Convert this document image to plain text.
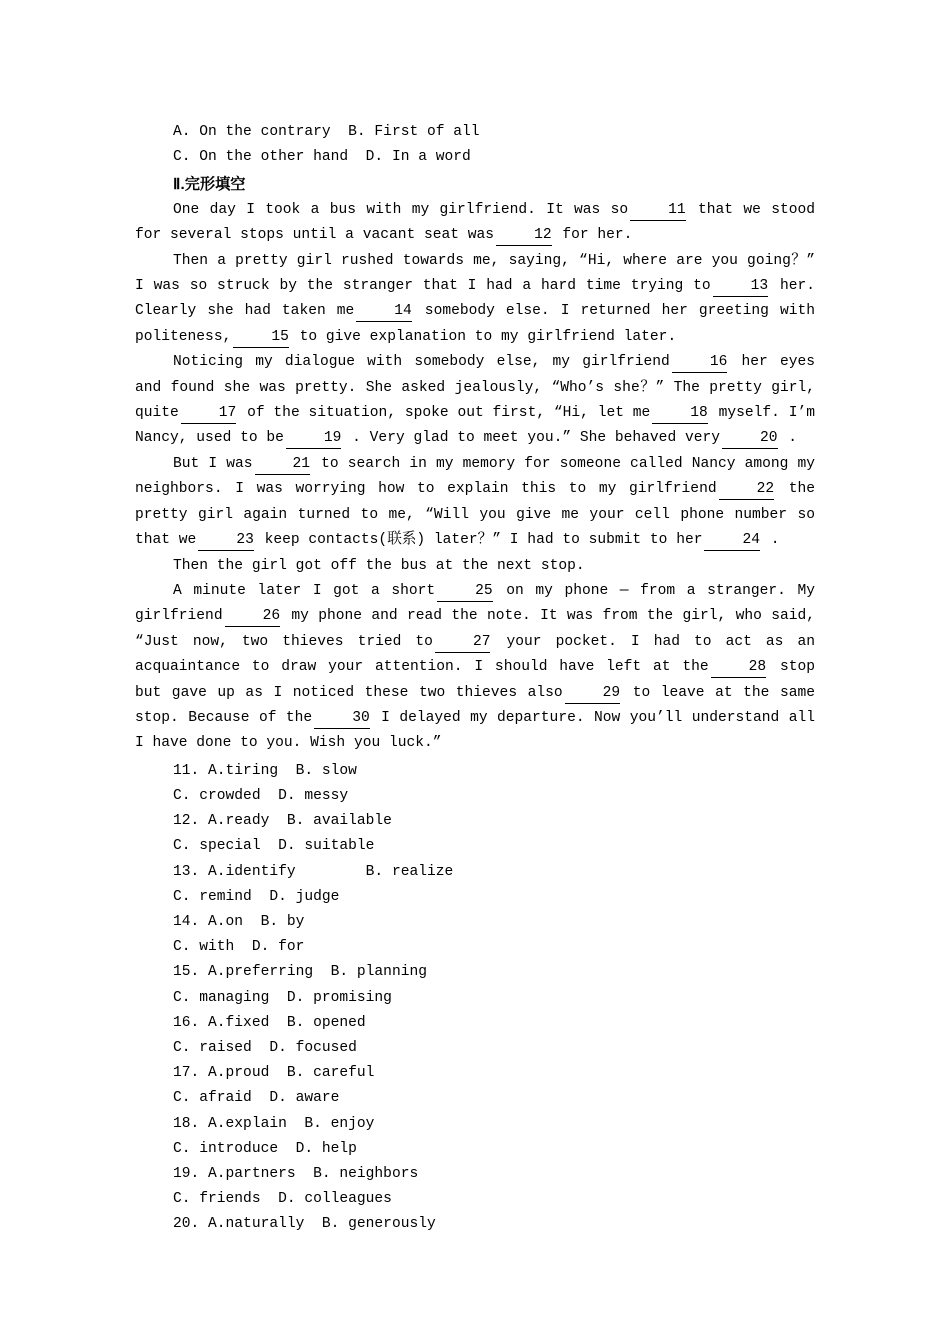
A. On the contrary  B. First of all
C. On the other hand  D. In a word
Ⅱ.完形填空

One day I took a bus with my girlfriend. It was so	11 that we stood for several stops until a vacant seat was	12 for her.

Then a pretty girl rushed towards me, saying, “Hi, where are you going？” I was so struck by the stranger that I had a hard time trying to	13 her. Clearly she had taken me	14 somebody else. I returned her greeting with politeness,	15 to give explanation to my girlfriend later.

Noticing my dialogue with somebody else, my girlfriend	16 her eyes and found she was pretty. She asked jealously, “Who’s she？” The pretty girl, quite	17 of the situation, spoke out first, “Hi, let me	18 myself. I’m Nancy, used to be	19 . Very glad to meet you.” She behaved very	20 .

But I was	21 to search in my memory for someone called Nancy among my neighbors. I was worrying how to explain this to my girlfriend	22 the pretty girl again turned to me, “Will you give me your cell phone number so that we	23 keep contacts(联系) later？” I had to submit to her	24 .

Then the girl got off the bus at the next stop.

A minute later I got a short	25 on my phone — from a stranger. My girlfriend	26 my phone and read the note. It was from the girl, who said, “Just now, two thieves tried to	27 your pocket. I had to act as an acquaintance to draw your attention. I should have left at the	28 stop but gave up as I noticed these two thieves also	29 to leave at the same stop. Because of the	30 I delayed my departure. Now you’ll understand all I have done to you. Wish you luck.”

11. A.tiring  B. slow
C. crowded  D. messy
12. A.ready  B. available
C. special  D. suitable
13. A.identify        B. realize
C. remind  D. judge
14. A.on  B. by
C. with  D. for
15. A.preferring  B. planning
C. managing  D. promising
16. A.fixed  B. opened
C. raised  D. focused
17. A.proud  B. careful
C. afraid  D. aware
18. A.explain  B. enjoy
C. introduce  D. help
19. A.partners  B. neighbors
C. friends  D. colleagues
20. A.naturally  B. generously
